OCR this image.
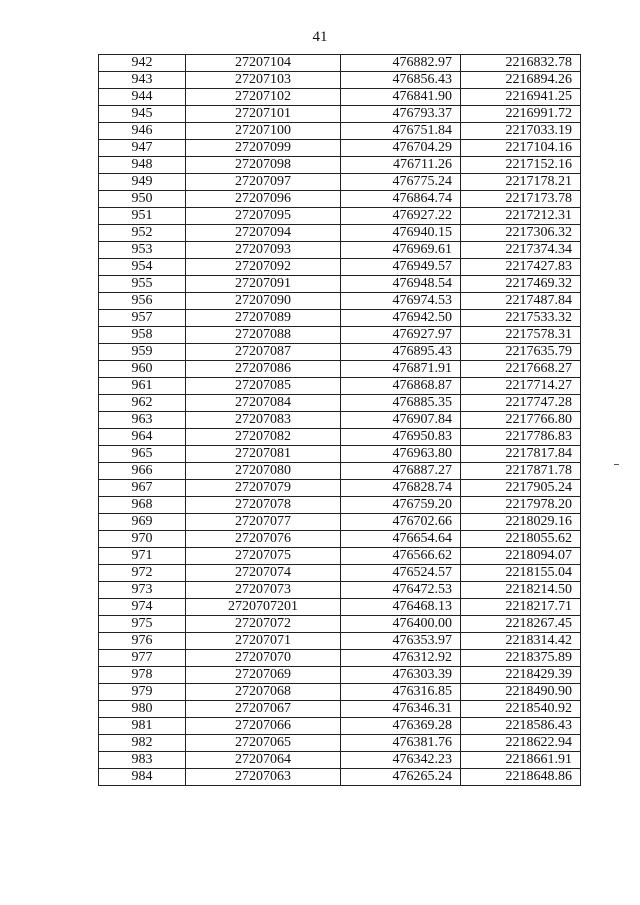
41
942	27207104	476882.97	2216832.78
943	27207103	476856.43	2216894.26
944	27207102	476841.90	2216941.25
945	27207101	476793.37	2216991.72
946	27207100	476751.84	2217033.19
947	27207099	476704.29	2217104.16
948	27207098	476711.26	2217152.16
949	27207097	476775.24	2217178.21
950	27207096	476864.74	2217173.78
951	27207095	476927.22	2217212.31
952	27207094	476940.15	2217306.32
953	27207093	476969.61	2217374.34
954	27207092	476949.57	2217427.83
955	27207091	476948.54	2217469.32
956	27207090	476974.53	2217487.84
957	27207089	476942.50	2217533.32
958	27207088	476927.97	2217578.31
959	27207087	476895.43	2217635.79
960	27207086	476871.91	2217668.27
961	27207085	476868.87	2217714.27
962	27207084	476885.35	2217747.28
963	27207083	476907.84	2217766.80
964	27207082	476950.83	2217786.83
965	27207081	476963.80	2217817.84
966	27207080	476887.27	2217871.78
967	27207079	476828.74	2217905.24
968	27207078	476759.20	2217978.20
969	27207077	476702.66	2218029.16
970	27207076	476654.64	2218055.62
971	27207075	476566.62	2218094.07
972	27207074	476524.57	2218155.04
973	27207073	476472.53	2218214.50
974	2720707201	476468.13	2218217.71
975	27207072	476400.00	2218267.45
976	27207071	476353.97	2218314.42
977	27207070	476312.92	2218375.89
978	27207069	476303.39	2218429.39
979	27207068	476316.85	2218490.90
980	27207067	476346.31	2218540.92
981	27207066	476369.28	2218586.43
982	27207065	476381.76	2218622.94
983	27207064	476342.23	2218661.91
984	27207063	476265.24	2218648.86
